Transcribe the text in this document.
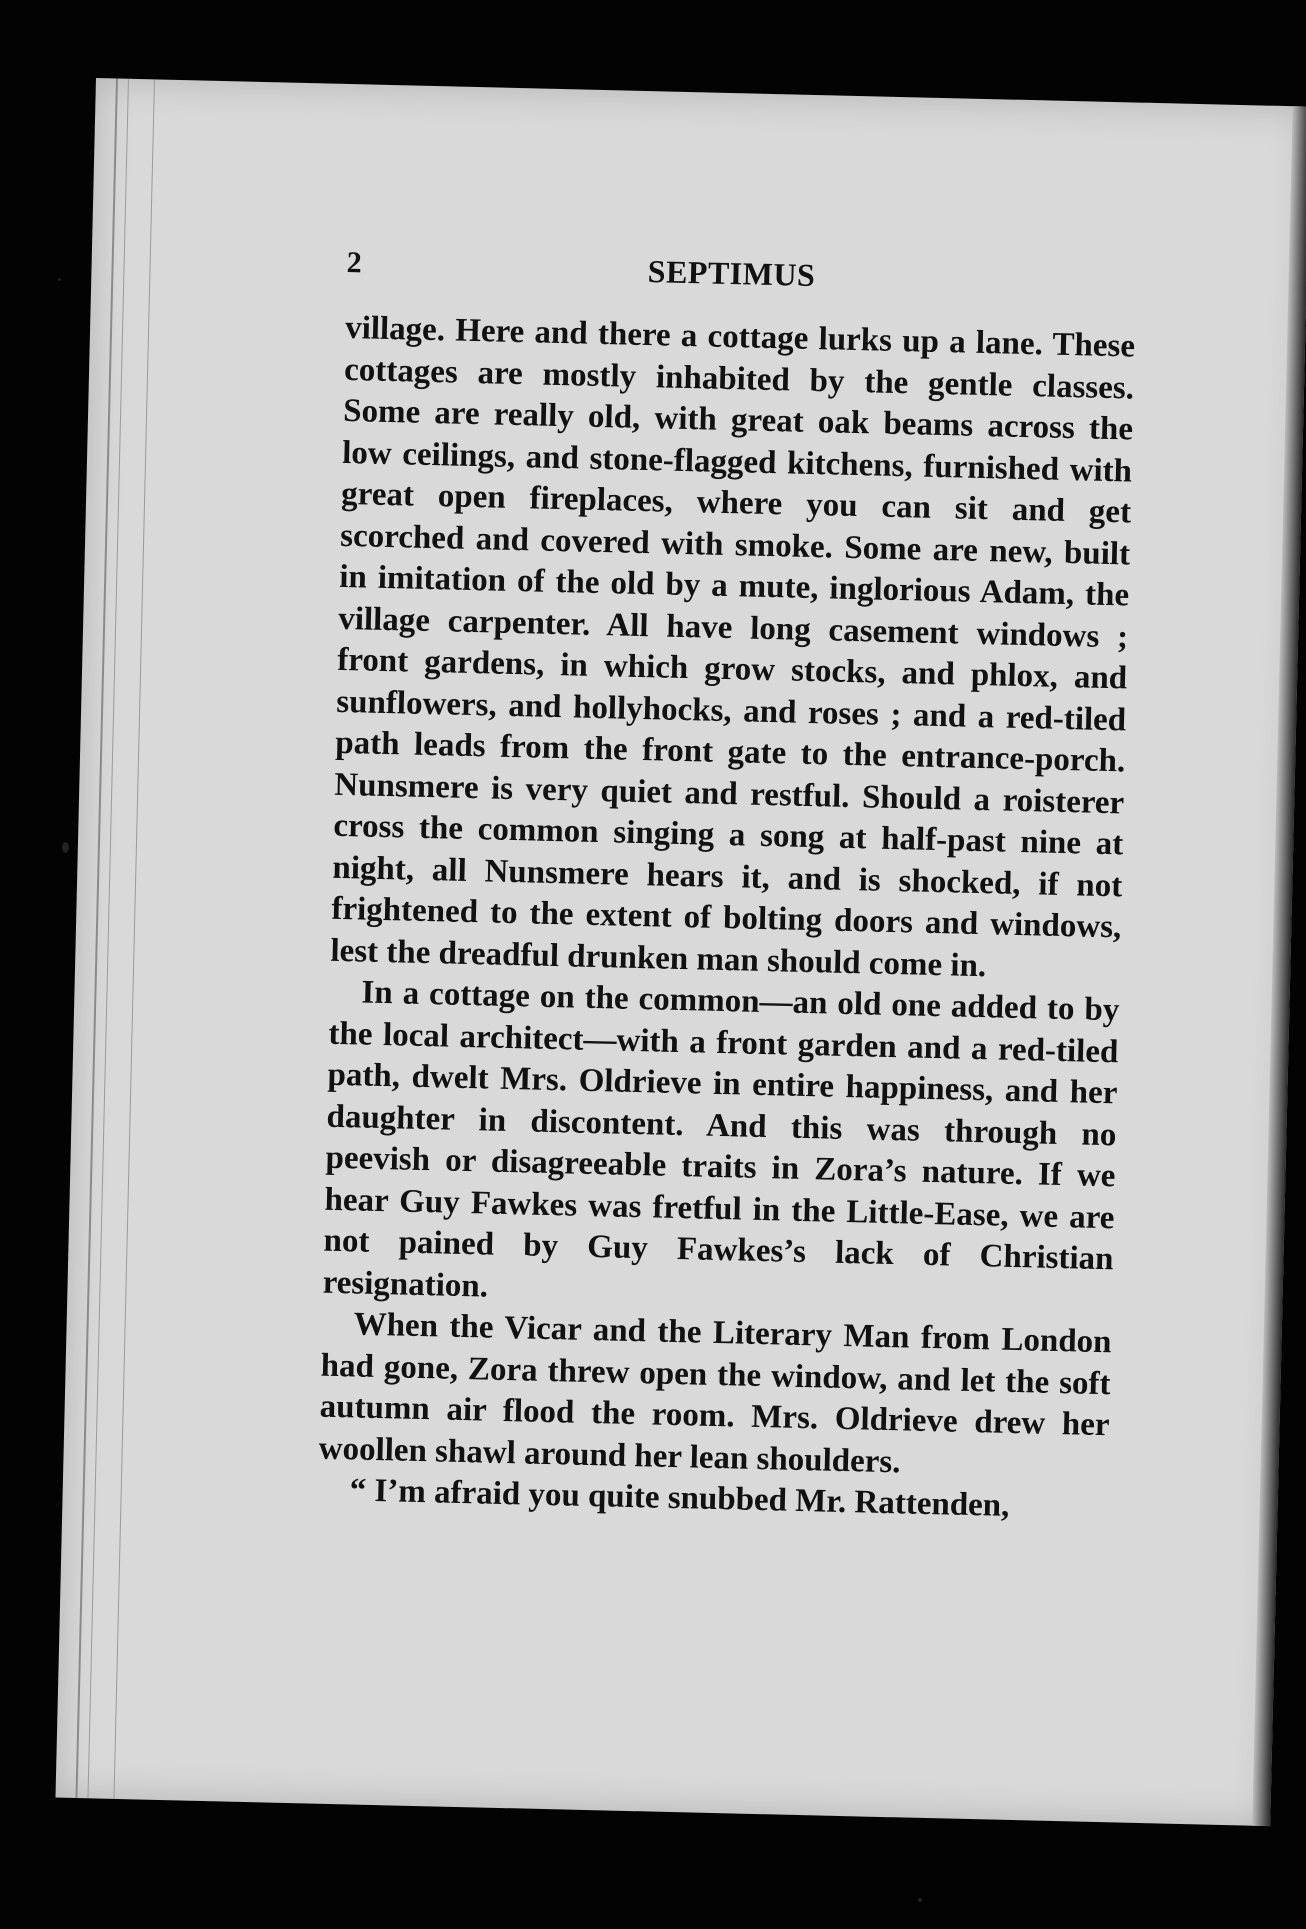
2	SEPTIMUS

village. Here and there a cottage lurks up a lane. These cottages are mostly inhabited by the gentle classes. Some are really old, with great oak beams across the low ceilings, and stone-flagged kitchens, furnished with great open fireplaces, where you can sit and get scorched and covered with smoke. Some are new, built in imitation of the old by a mute, inglorious Adam, the village carpenter. All have long casement windows ; front gardens, in which grow stocks, and phlox, and sunflowers, and hollyhocks, and roses ; and a red-tiled path leads from the front gate to the entrance-porch. Nunsmere is very quiet and restful. Should a roisterer cross the common singing a song at half-past nine at night, all Nunsmere hears it, and is shocked, if not frightened to the extent of bolting doors and windows, lest the dreadful drunken man should come in.

In a cottage on the common—an old one added to by the local architect—with a front garden and a red-tiled path, dwelt Mrs. Oldrieve in entire happiness, and her daughter in discontent. And this was through no peevish or disagreeable traits in Zora’s nature. If we hear Guy Fawkes was fretful in the Little-Ease, we are not pained by Guy Fawkes’s lack of Christian resignation.

When the Vicar and the Literary Man from London had gone, Zora threw open the window, and let the soft autumn air flood the room. Mrs. Oldrieve drew her woollen shawl around her lean shoulders.

“ I’m afraid you quite snubbed Mr. Rattenden,
